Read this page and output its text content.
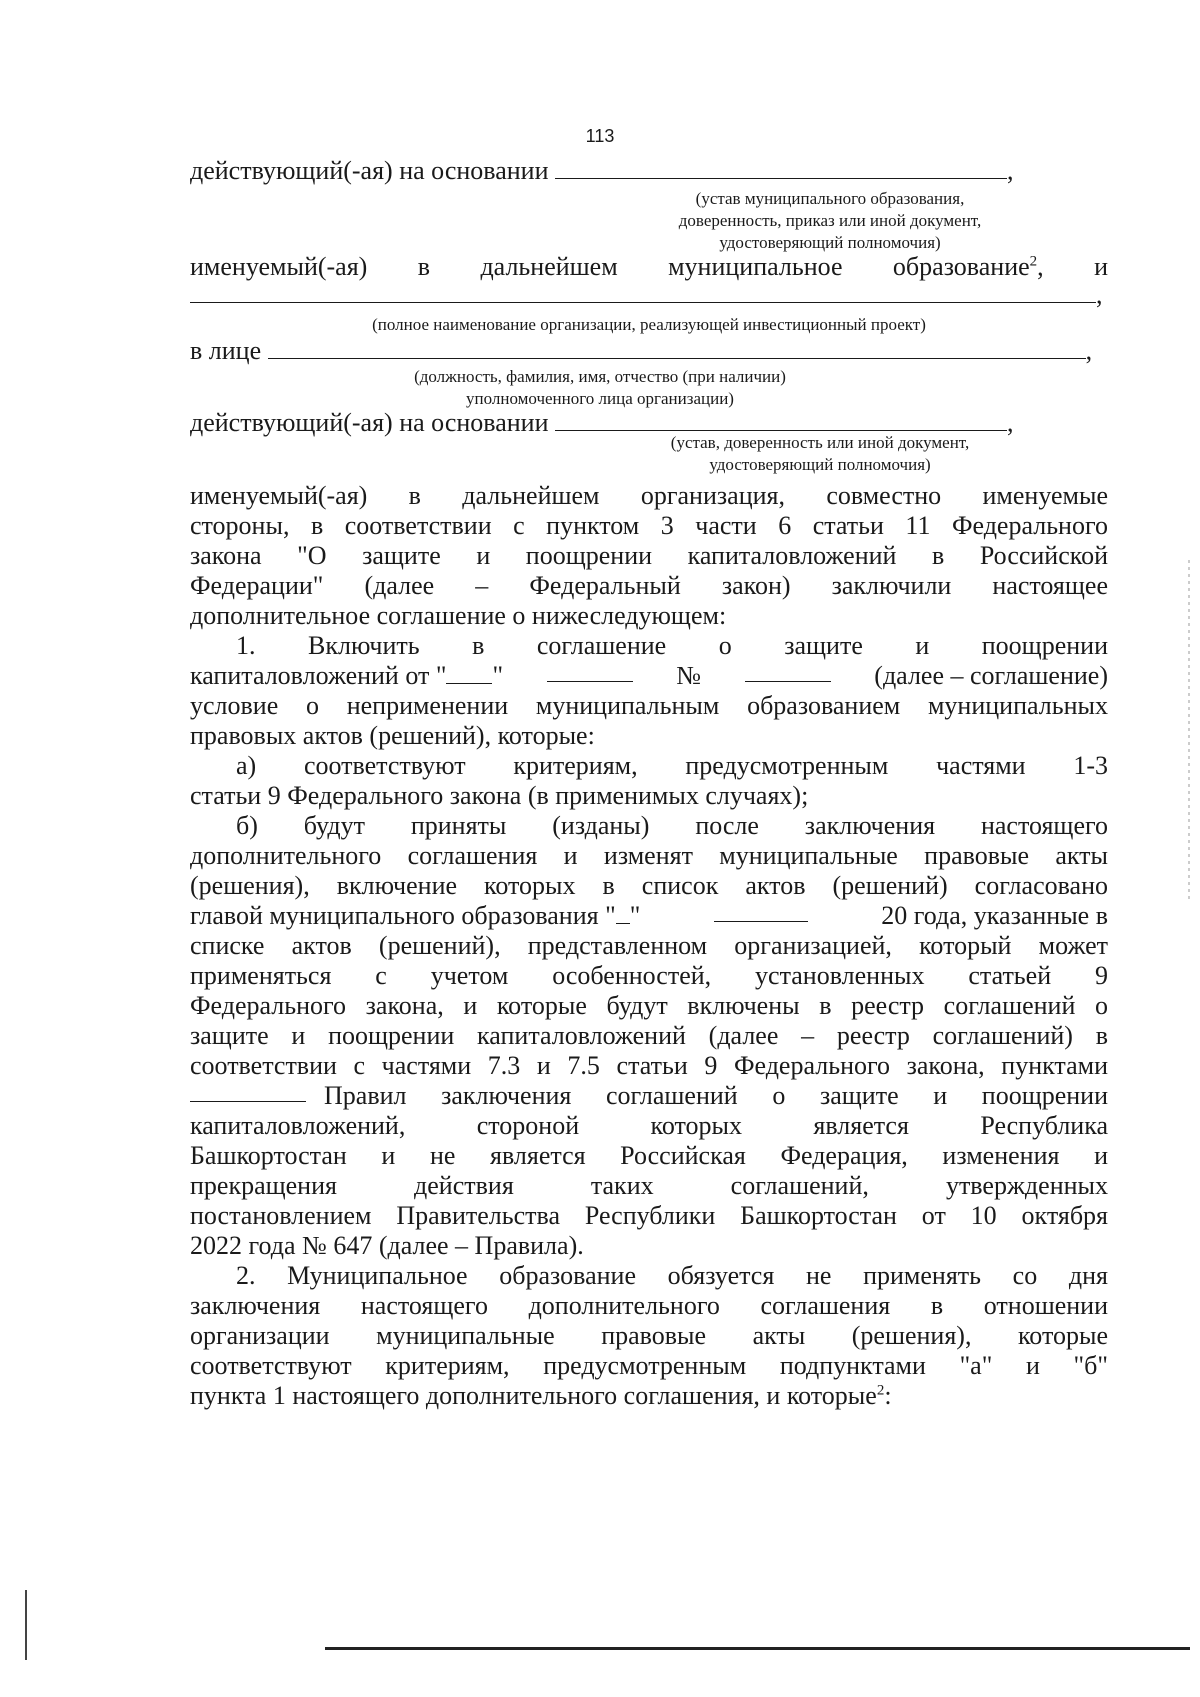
113
действующий(-ая) на основании	,
(устав муниципального образования,
доверенность, приказ или иной документ,
удостоверяющий полномочия)
именуемый(-ая) в дальнейшем муниципальное образование$^2$, и
,
(полное наименование организации, реализующей инвестиционный проект)
в лице	,
(должность, фамилия, имя, отчество (при наличии)
уполномоченного лица организации)
действующий(-ая) на основании	,
(устав, доверенность или иной документ,
удостоверяющий полномочия)
именуемый(-ая) в дальнейшем организация, совместно именуемые
стороны, в соответствии с пунктом 3 части 6 статьи 11 Федерального
закона "О защите и поощрении капиталовложений в Российской
Федерации" (далее – Федеральный закон) заключили настоящее
дополнительное соглашение о нижеследующем:
1. Включить в соглашение о защите и поощрении
капиталовложений от " "	№	(далее – соглашение)
условие о неприменении муниципальным образованием муниципальных
правовых актов (решений), которые:
а) соответствуют критериям, предусмотренным частями 1-3
статьи 9 Федерального закона (в применимых случаях);
б) будут приняты (изданы) после заключения настоящего
дополнительного соглашения и изменят муниципальные правовые акты
(решения), включение которых в список актов (решений) согласовано
главой муниципального образования " "	20 года, указанные в
списке актов (решений), представленном организацией, который может
применяться с учетом особенностей, установленных статьей 9
Федерального закона, и которые будут включены в реестр соглашений о
защите и поощрении капиталовложений (далее – реестр соглашений) в
соответствии с частями 7.3 и 7.5 статьи 9 Федерального закона, пунктами
Правил заключения соглашений о защите и поощрении
капиталовложений, стороной которых является Республика
Башкортостан и не является Российская Федерация, изменения и
прекращения действия таких соглашений, утвержденных
постановлением Правительства Республики Башкортостан от 10 октября
2022 года № 647 (далее – Правила).
2. Муниципальное образование обязуется не применять со дня
заключения настоящего дополнительного соглашения в отношении
организации муниципальные правовые акты (решения), которые
соответствуют критериям, предусмотренным подпунктами "а" и "б"
пункта 1 настоящего дополнительного соглашения, и которые$^2$:
